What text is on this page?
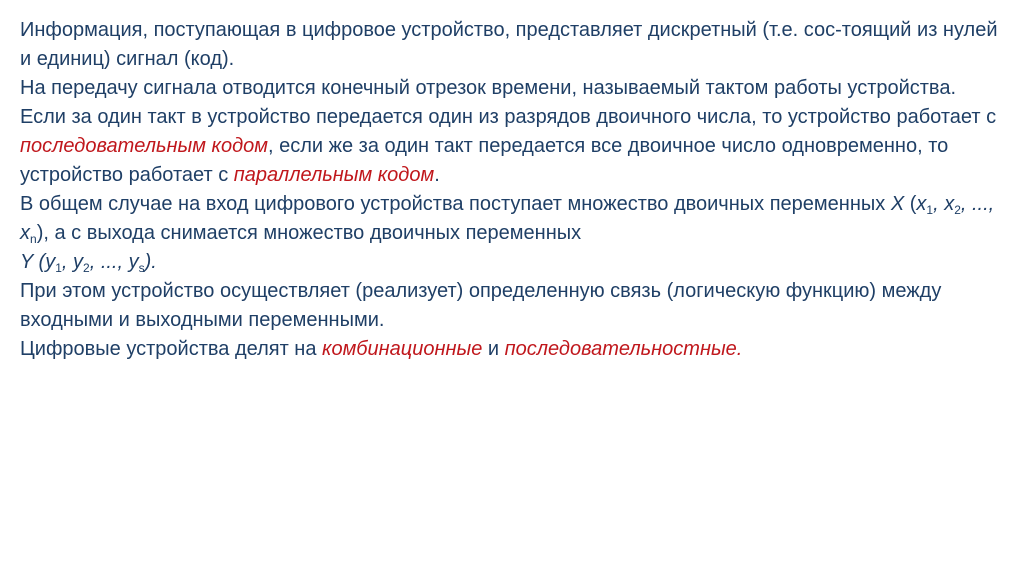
Информация, поступающая в цифровое устройство, представляет дискретный (т.е. сос-тоящий из нулей и единиц) сигнал (код).

На передачу сигнала отводится конечный отрезок времени, называемый тактом работы устройства.

Если за один такт в устройство передается один из разрядов двоичного числа, то устройство работает с последовательным кодом, если же за один такт передается все двоичное число одновременно, то устройство работает с параллельным кодом.

В общем случае на вход цифрового устройства поступает множество двоичных переменных X ($x_1$, $x_2$, ..., $x_n$), а с выхода снимается множество двоичных переменных
Y ($y_1$, $y_2$, ..., $y_s$).

При этом устройство осуществляет (реализует) определенную связь (логическую функцию) между входными и выходными переменными.

Цифровые устройства делят на комбинационные и последовательностные.
